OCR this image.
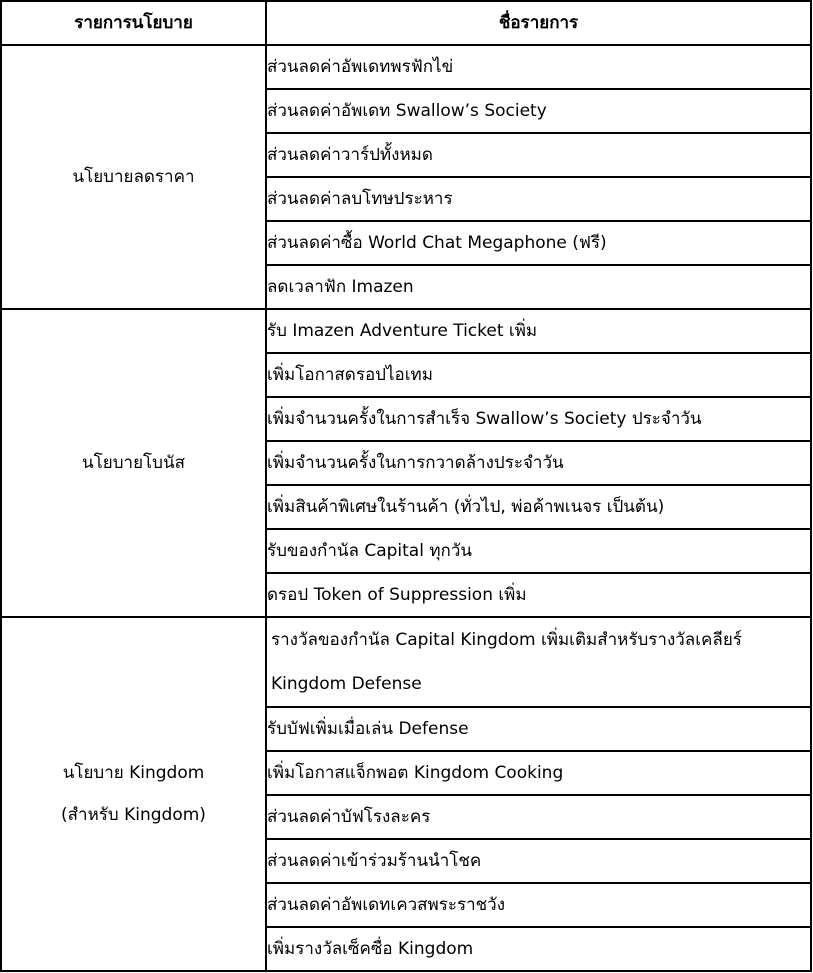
รายการนโยบาย	ชื่อรายการ

นโยบายลดราคา	ส่วนลดค่าอัพเดทพรฟักไข่
	ส่วนลดค่าอัพเดท Swallow’s Society
	ส่วนลดค่าวาร์ปทั้งหมด
	ส่วนลดค่าลบโทษประหาร
	ส่วนลดค่าซื้อ World Chat Megaphone (ฟรี)
	ลดเวลาฟัก Imazen

นโยบายโบนัส	รับ Imazen Adventure Ticket เพิ่ม
	เพิ่มโอกาสดรอปไอเทม
	เพิ่มจำนวนครั้งในการสำเร็จ Swallow’s Society ประจำวัน
	เพิ่มจำนวนครั้งในการกวาดล้างประจำวัน
	เพิ่มสินค้าพิเศษในร้านค้า (ทั่วไป, พ่อค้าพเนจร เป็นต้น)
	รับของกำนัล Capital ทุกวัน
	ดรอป Token of Suppression เพิ่ม

นโยบาย Kingdom
(สำหรับ Kingdom)	รางวัลของกำนัล Capital Kingdom เพิ่มเติมสำหรับรางวัลเคลียร์ Kingdom Defense
	รับบัฟเพิ่มเมื่อเล่น Defense
	เพิ่มโอกาสแจ็กพอต Kingdom Cooking
	ส่วนลดค่าบัฟโรงละคร
	ส่วนลดค่าเข้าร่วมร้านนำโชค
	ส่วนลดค่าอัพเดทเควสพระราชวัง
	เพิ่มรางวัลเซ็คซื่อ Kingdom
